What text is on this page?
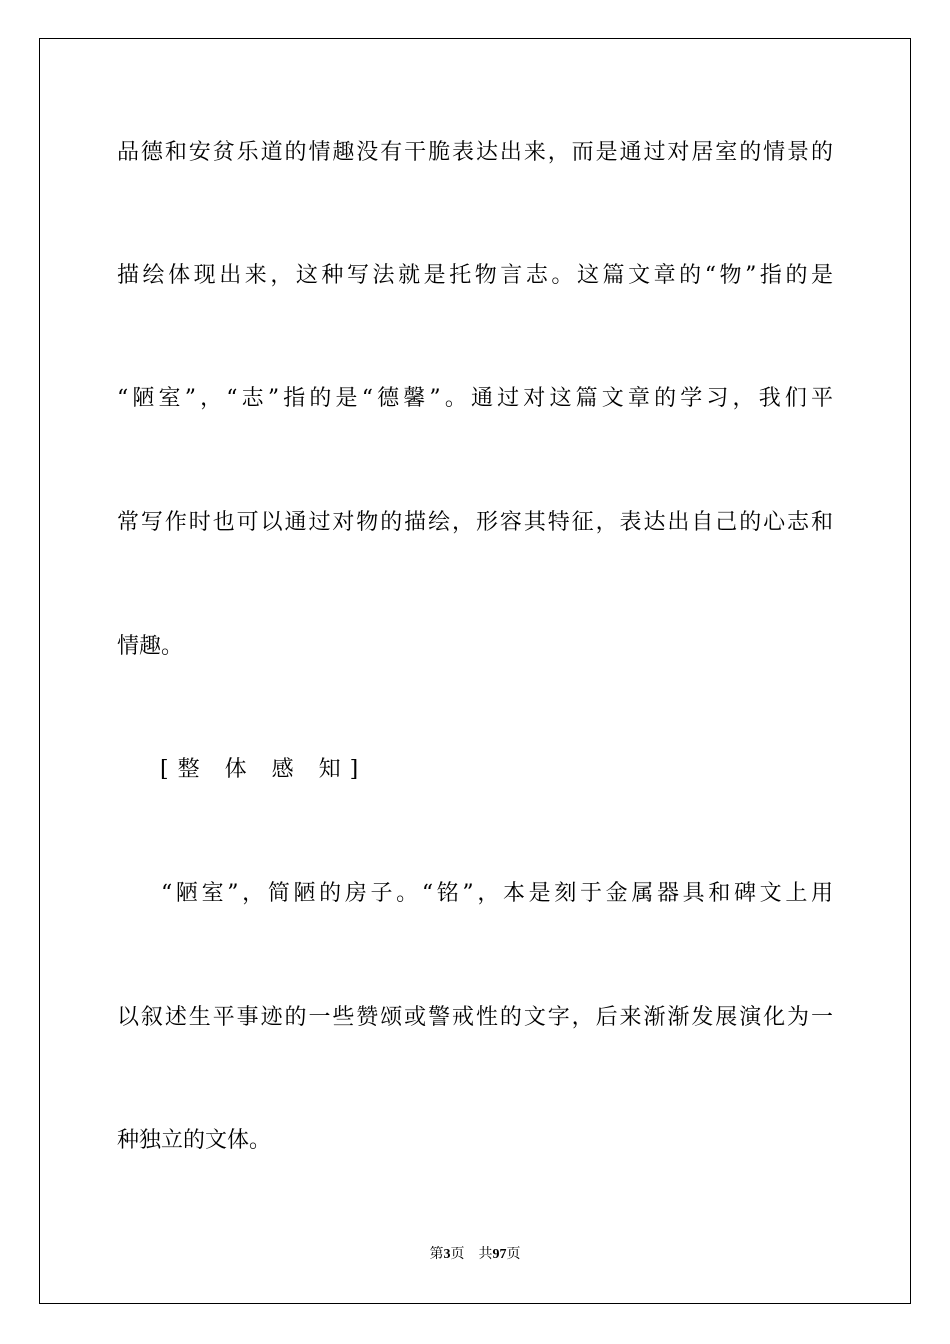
品德和安贫乐道的情趣没有干脆表达出来，而是通过对居室的情景的
描绘体现出来，这种写法就是托物言志。这篇文章的“物”指的是
“陋室”，“志”指的是“德馨”。通过对这篇文章的学习，我们平
常写作时也可以通过对物的描绘，形容其特征，表达出自己的心志和
情趣。
[整 体 感 知]
“陋室”，简陋的房子。“铭”，本是刻于金属器具和碑文上用
以叙述生平事迹的一些赞颂或警戒性的文字，后来渐渐发展演化为一
种独立的文体。
第3页 共97页
